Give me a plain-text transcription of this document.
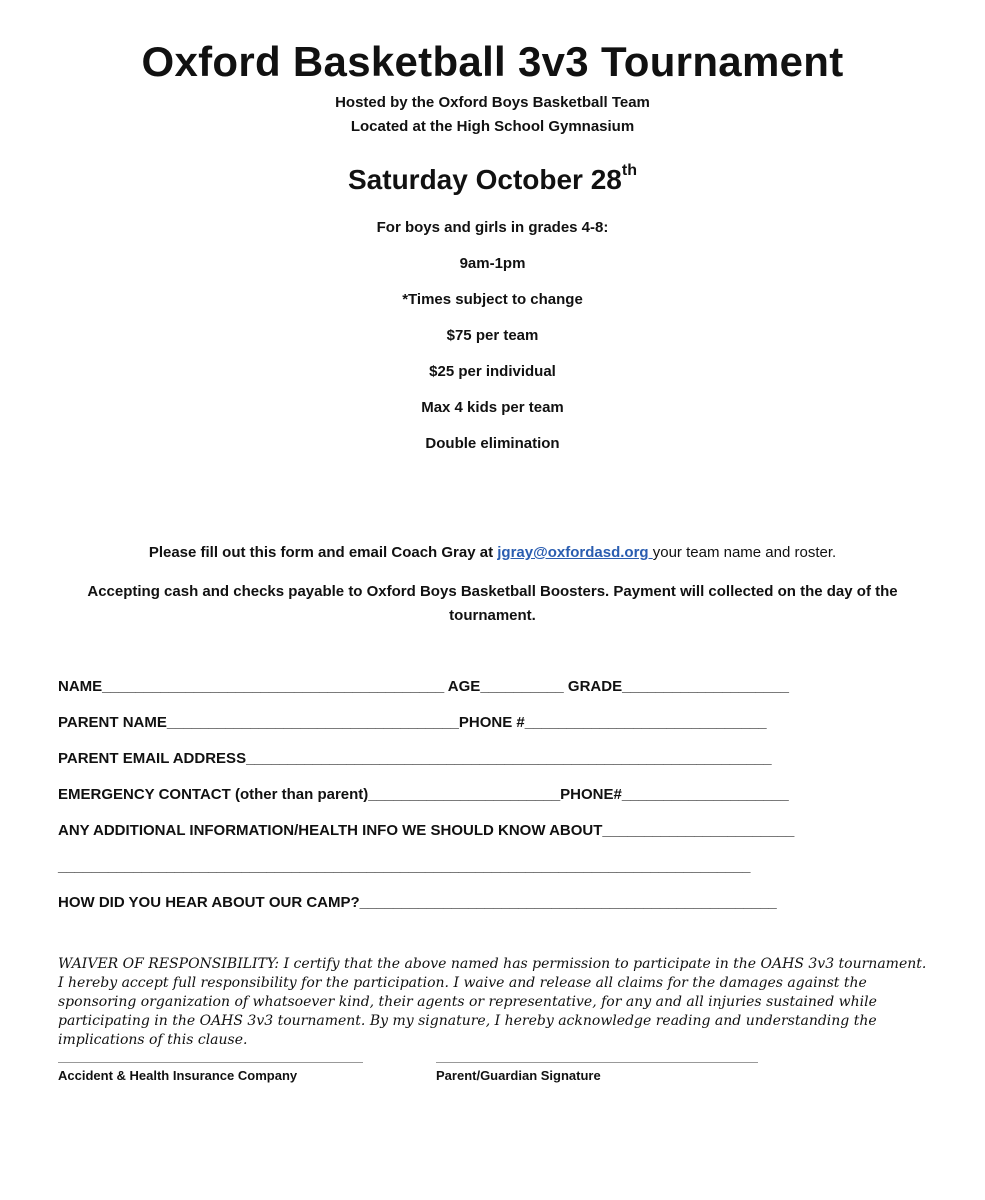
Oxford Basketball 3v3 Tournament
Hosted by the Oxford Boys Basketball Team
Located at the High School Gymnasium
Saturday October 28th
For boys and girls in grades 4-8:
9am-1pm
*Times subject to change
$75 per team
$25 per individual
Max 4 kids per team
Double elimination
Please fill out this form and email Coach Gray at jgray@oxfordasd.org your team name and roster.
Accepting cash and checks payable to Oxford Boys Basketball Boosters. Payment will collected on the day of the tournament.
NAME_________________________________________ AGE__________ GRADE____________________
PARENT NAME___________________________________PHONE #_____________________________
PARENT EMAIL ADDRESS_______________________________________________________________
EMERGENCY CONTACT (other than parent)_______________________PHONE#____________________
ANY ADDITIONAL INFORMATION/HEALTH INFO WE SHOULD KNOW ABOUT_______________________
___________________________________________________________________________________
HOW DID YOU HEAR ABOUT OUR CAMP?__________________________________________________
WAIVER OF RESPONSIBILITY: I certify that the above named has permission to participate in the OAHS 3v3 tournament. I hereby accept full responsibility for the participation. I waive and release all claims for the damages against the sponsoring organization of whatsoever kind, their agents or representative, for any and all injuries sustained while participating in the OAHS 3v3 tournament. By my signature, I hereby acknowledge reading and understanding the implications of this clause.
Accident & Health Insurance Company	Parent/Guardian Signature
